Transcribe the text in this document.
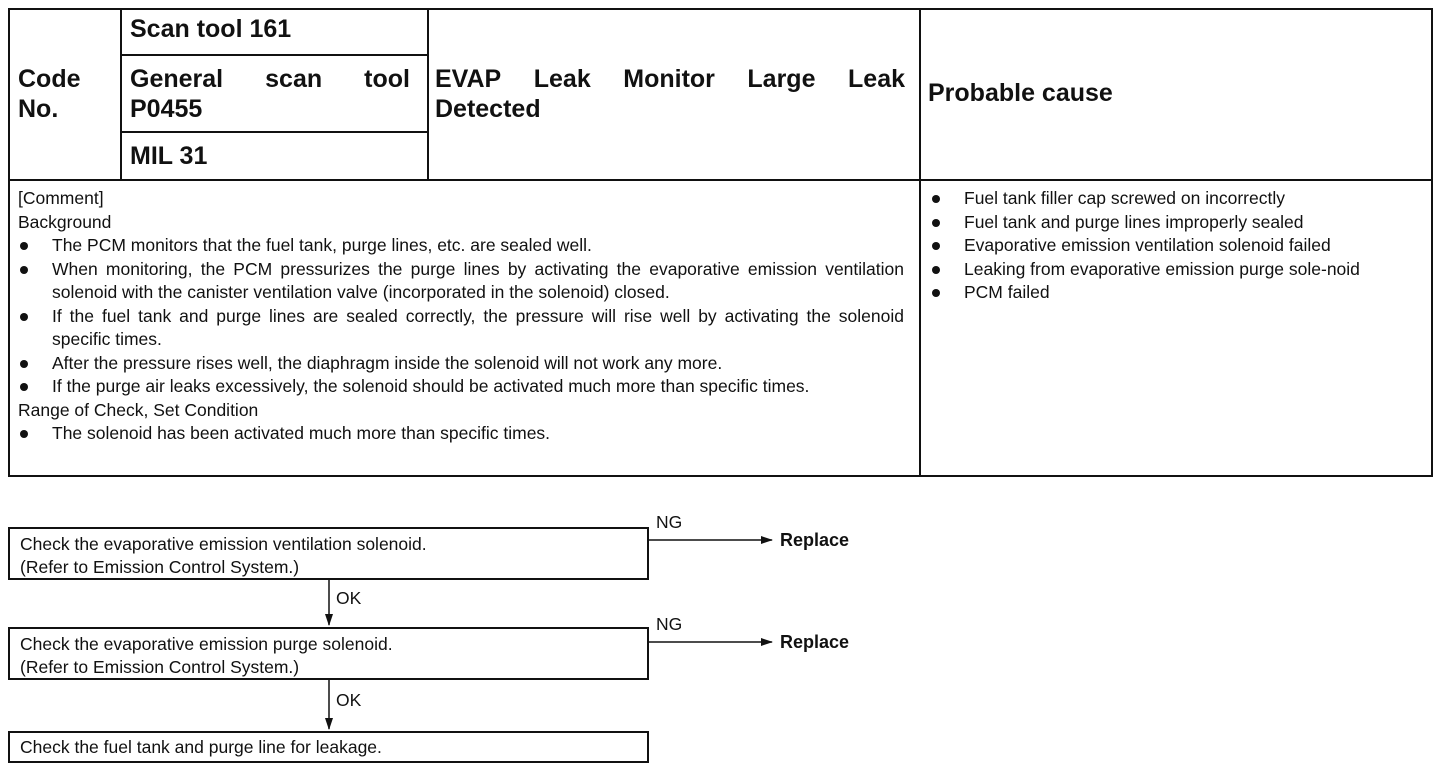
Code
No.
Scan tool 161
General scan tool
P0455
MIL 31
EVAP Leak Monitor Large Leak
Detected
Probable cause
[Comment]
Background
The PCM monitors that the fuel tank, purge lines, etc. are sealed well.
When monitoring, the PCM pressurizes the purge lines by activating the evaporative emission ventilation solenoid with the canister ventilation valve (incorporated in the solenoid) closed.
If the fuel tank and purge lines are sealed correctly, the pressure will rise well by activating the solenoid specific times.
After the pressure rises well, the diaphragm inside the solenoid will not work any more.
If the purge air leaks excessively, the solenoid should be activated much more than specific times.
Range of Check, Set Condition
The solenoid has been activated much more than specific times.
Fuel tank filler cap screwed on incorrectly
Fuel tank and purge lines improperly sealed
Evaporative emission ventilation solenoid failed
Leaking from evaporative emission purge sole-noid
PCM failed
Check the evaporative emission ventilation solenoid.
(Refer to Emission Control System.)
Check the evaporative emission purge solenoid.
(Refer to Emission Control System.)
Check the fuel tank and purge line for leakage.
NG
NG
OK
OK
Replace
Replace
